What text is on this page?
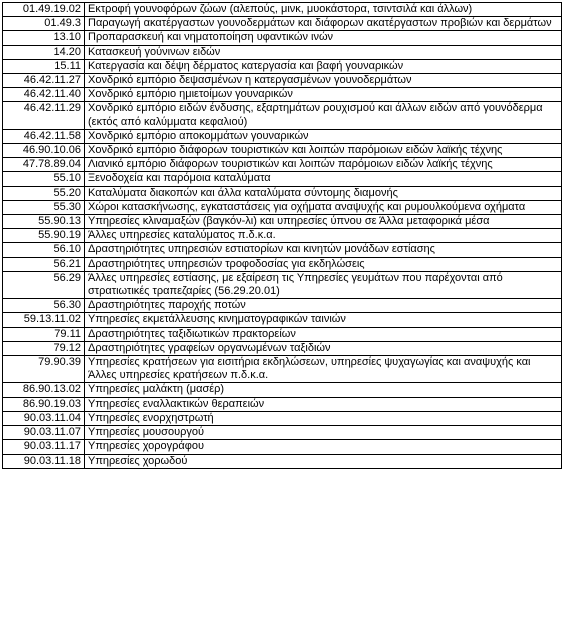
01.49.19.02	Εκτροφή γουνοφόρων ζώων (αλεπούς, μινκ, μυοκάστορα, τσιντσιλά και άλλων)
01.49.3	Παραγωγή ακατέργαστων γουνοδερμάτων και διάφορων ακατέργαστων προβιών και δερμάτων
13.10	Προπαρασκευή και νηματοποίηση υφαντικών ινών
14.20	Κατασκευή γούνινων ειδών
15.11	Κατεργασία και δέψη δέρματος κατεργασία και βαφή γουναρικών
46.42.11.27	Χονδρικό εμπόριο δεψασμένων η κατεργασμένων γουνοδερμάτων
46.42.11.40	Χονδρικό εμπόριο ημιετοίμων γουναρικών
46.42.11.29	Χονδρικό εμπόριο ειδών ένδυσης, εξαρτημάτων ρουχισμού και άλλων ειδών από γουνόδερμα (εκτός από καλύμματα κεφαλιού)
46.42.11.58	Χονδρικό εμπόριο αποκομμάτων γουναρικών
46.90.10.06	Χονδρικό εμπόριο διάφορων τουριστικών και λοιπών παρόμοιων ειδών λαϊκής τέχνης
47.78.89.04	Λιανικό εμπόριο διάφορων τουριστικών και λοιπών παρόμοιων ειδών λαϊκής τέχνης
55.10	Ξενοδοχεία και παρόμοια καταλύματα
55.20	Καταλύματα διακοπών και άλλα καταλύματα σύντομης διαμονής
55.30	Χώροι κατασκήνωσης, εγκαταστάσεις για οχήματα αναψυχής και ρυμουλκούμενα οχήματα
55.90.13	Υπηρεσίες κλιναμαξών (βαγκόν-λι) και υπηρεσίες ύπνου σε Άλλα μεταφορικά μέσα
55.90.19	Άλλες υπηρεσίες καταλύματος π.δ.κ.α.
56.10	Δραστηριότητες υπηρεσιών εστιατορίων και κινητών μονάδων εστίασης
56.21	Δραστηριότητες υπηρεσιών τροφοδοσίας για εκδηλώσεις
56.29	Άλλες υπηρεσίες εστίασης, με εξαίρεση τις Υπηρεσίες γευμάτων που παρέχονται από στρατιωτικές τραπεζαρίες (56.29.20.01)
56.30	Δραστηριότητες παροχής ποτών
59.13.11.02	Υπηρεσίες εκμετάλλευσης κινηματογραφικών ταινιών
79.11	Δραστηριότητες ταξιδιωτικών πρακτορείων
79.12	Δραστηριότητες γραφείων οργανωμένων ταξιδιών
79.90.39	Υπηρεσίες κρατήσεων για εισιτήρια εκδηλώσεων, υπηρεσίες ψυχαγωγίας και αναψυχής και Άλλες υπηρεσίες κρατήσεων π.δ.κ.α.
86.90.13.02	Υπηρεσίες μαλάκτη (μασέρ)
86.90.19.03	Υπηρεσίες εναλλακτικών θεραπειών
90.03.11.04	Υπηρεσίες ενορχηστρωτή
90.03.11.07	Υπηρεσίες μουσουργού
90.03.11.17	Υπηρεσίες χορογράφου
90.03.11.18	Υπηρεσίες χορωδού
